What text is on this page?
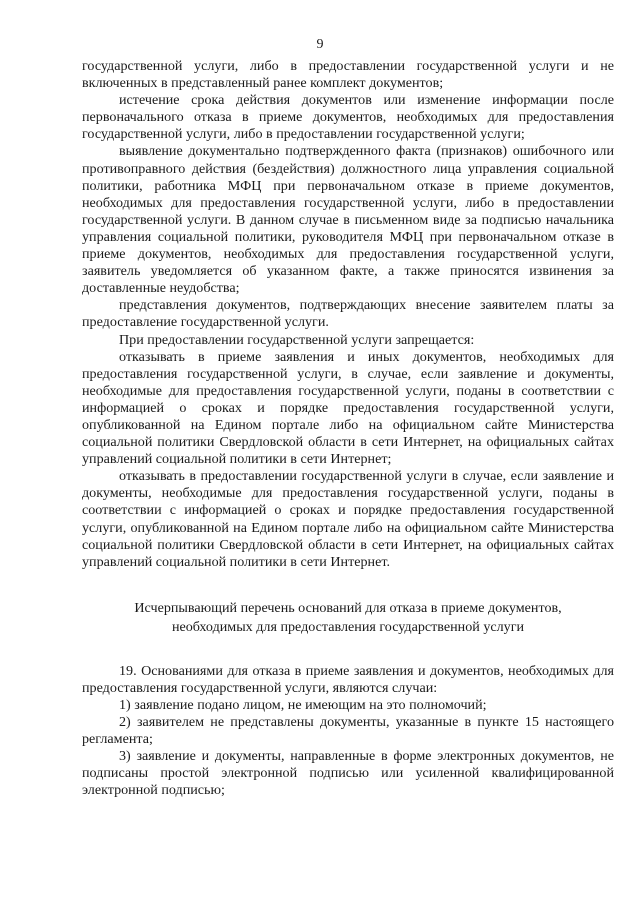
9

государственной услуги, либо в предоставлении государственной услуги и не включенных в представленный ранее комплект документов;

истечение срока действия документов или изменение информации после первоначального отказа в приеме документов, необходимых для предоставления государственной услуги, либо в предоставлении государственной услуги;

выявление документально подтвержденного факта (признаков) ошибочного или противоправного действия (бездействия) должностного лица управления социальной политики, работника МФЦ при первоначальном отказе в приеме документов, необходимых для предоставления государственной услуги, либо в предоставлении государственной услуги. В данном случае в письменном виде за подписью начальника управления социальной политики, руководителя МФЦ при первоначальном отказе в приеме документов, необходимых для предоставления государственной услуги, заявитель уведомляется об указанном факте, а также приносятся извинения за доставленные неудобства;

представления документов, подтверждающих внесение заявителем платы за предоставление государственной услуги.

При предоставлении государственной услуги запрещается:

отказывать в приеме заявления и иных документов, необходимых для предоставления государственной услуги, в случае, если заявление и документы, необходимые для предоставления государственной услуги, поданы в соответствии с информацией о сроках и порядке предоставления государственной услуги, опубликованной на Едином портале либо на официальном сайте Министерства социальной политики Свердловской области в сети Интернет, на официальных сайтах управлений социальной политики в сети Интернет;

отказывать в предоставлении государственной услуги в случае, если заявление и документы, необходимые для предоставления государственной услуги, поданы в соответствии с информацией о сроках и порядке предоставления государственной услуги, опубликованной на Едином портале либо на официальном сайте Министерства социальной политики Свердловской области в сети Интернет, на официальных сайтах управлений социальной политики в сети Интернет.

Исчерпывающий перечень оснований для отказа в приеме документов,
необходимых для предоставления государственной услуги

19. Основаниями для отказа в приеме заявления и документов, необходимых для предоставления государственной услуги, являются случаи:

1) заявление подано лицом, не имеющим на это полномочий;

2) заявителем не представлены документы, указанные в пункте 15 настоящего регламента;

3) заявление и документы, направленные в форме электронных документов, не подписаны простой электронной подписью или усиленной квалифицированной электронной подписью;
